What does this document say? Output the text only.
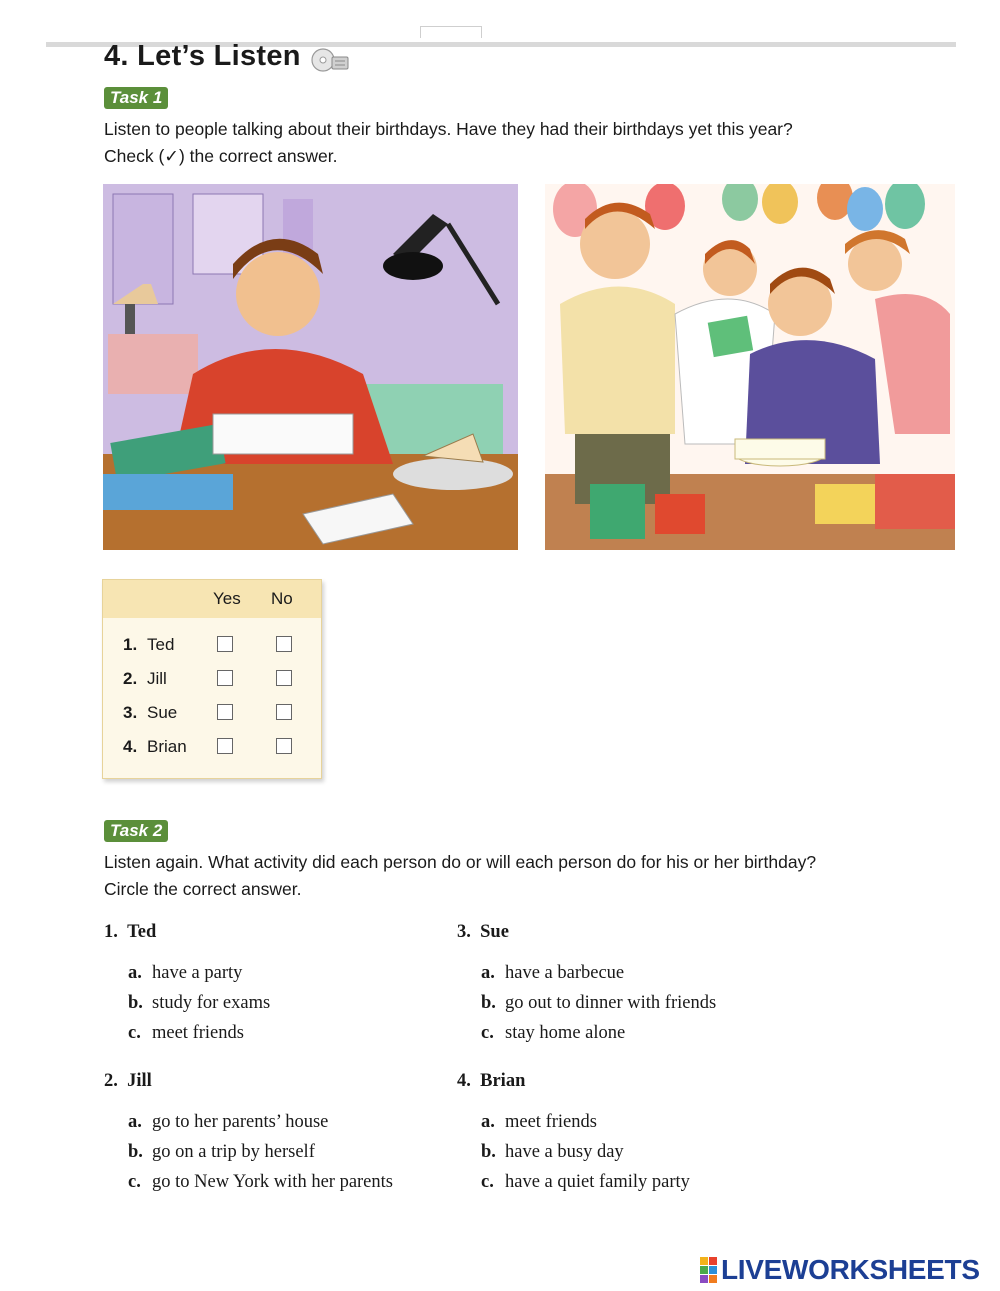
4. Let’s Listen
Task 1
Listen to people talking about their birthdays. Have they had their birthdays yet this year?
Check (✓) the correct answer.
Yes No
1. Ted
2. Jill
3. Sue
4. Brian
Task 2
Listen again. What activity did each person do or will each person do for his or her birthday?
Circle the correct answer.
1. Ted
a. have a party
b. study for exams
c. meet friends
2. Jill
a. go to her parents’ house
b. go on a trip by herself
c. go to New York with her parents
3. Sue
a. have a barbecue
b. go out to dinner with friends
c. stay home alone
4. Brian
a. meet friends
b. have a busy day
c. have a quiet family party
LIVEWORKSHEETS
